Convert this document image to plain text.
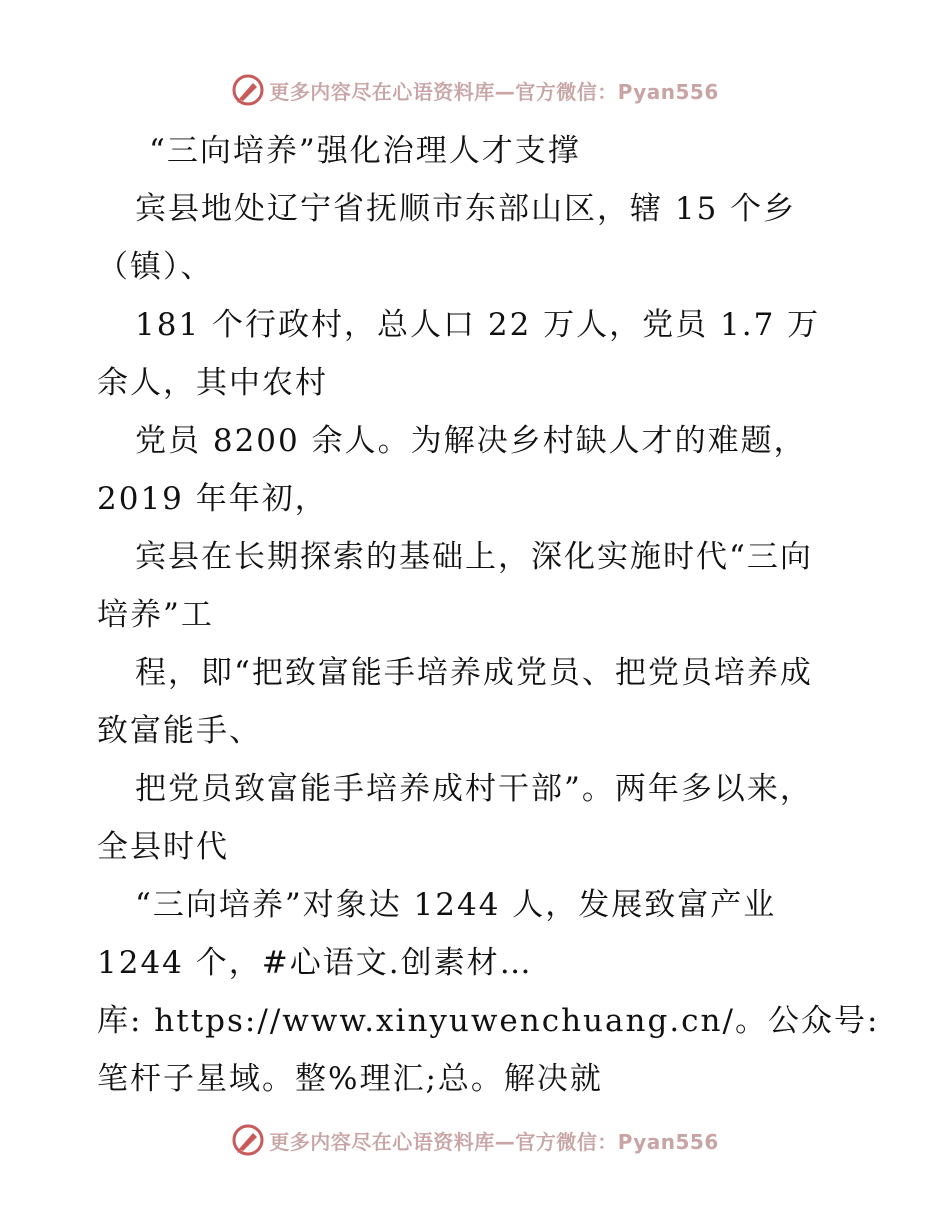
更多内容尽在心语资料库—官方微信：Pyan556
“三向培养”强化治理人才支撑
宾县地处辽宁省抚顺市东部山区，辖 15 个乡
（镇）、
181 个行政村，总人口 22 万人，党员 1.7 万
余人，其中农村
党员 8200 余人。为解决乡村缺人才的难题，
2019 年年初，
宾县在长期探索的基础上，深化实施时代“三向
培养”工
程，即“把致富能手培养成党员、把党员培养成
致富能手、
把党员致富能手培养成村干部”。两年多以来，
全县时代
“三向培养”对象达 1244 人，发展致富产业
1244 个，#心语文.创素材…
库: https://www.xinyuwenchuang.cn/。公众号:
笔杆子星域。整%理汇;总。解决就
更多内容尽在心语资料库—官方微信：Pyan556
